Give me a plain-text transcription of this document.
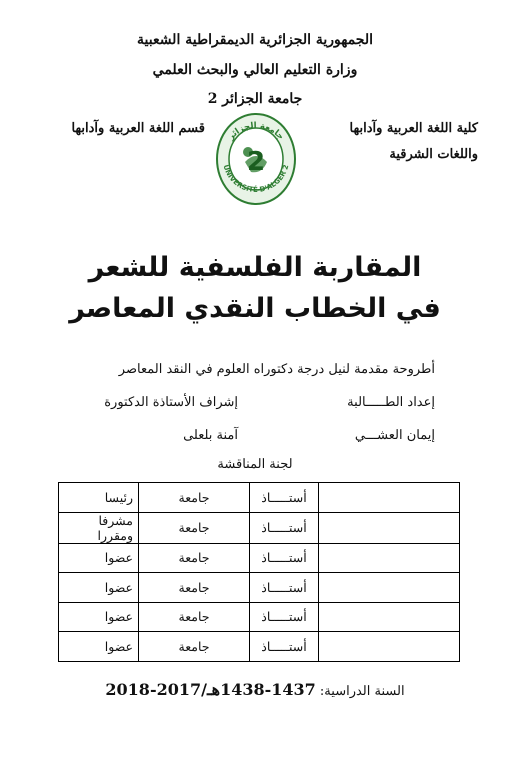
الجمهورية الجزائرية الديمقراطية الشعبية
وزارة التعليم العالي والبحث العلمي
جامعة الجزائر 2
كلية اللغة العربية وآدابها
واللغات الشرقية
قسم اللغة العربية وآدابها
جامعة الجزائر
UNIVERSITÉ D'ALGER 2
2
المقاربة الفلسفية للشعر
في الخطاب النقدي المعاصر
أطروحة مقدمة لنيل درجة دكتوراه العلوم في النقد المعاصر
إعداد الطـــــالبة
إشراف الأستاذة الدكتورة
إيمان العشـــي
آمنة بلعلى
لجنة المناقشة
	أستـــــاذ	جامعة	رئيسا
	أستـــــاذ	جامعة	مشرفا ومقررا
	أستـــــاذ	جامعة	عضوا
	أستـــــاذ	جامعة	عضوا
	أستـــــاذ	جامعة	عضوا
	أستـــــاذ	جامعة	عضوا
السنة الدراسية: 1437-1438هـ/2017-2018
